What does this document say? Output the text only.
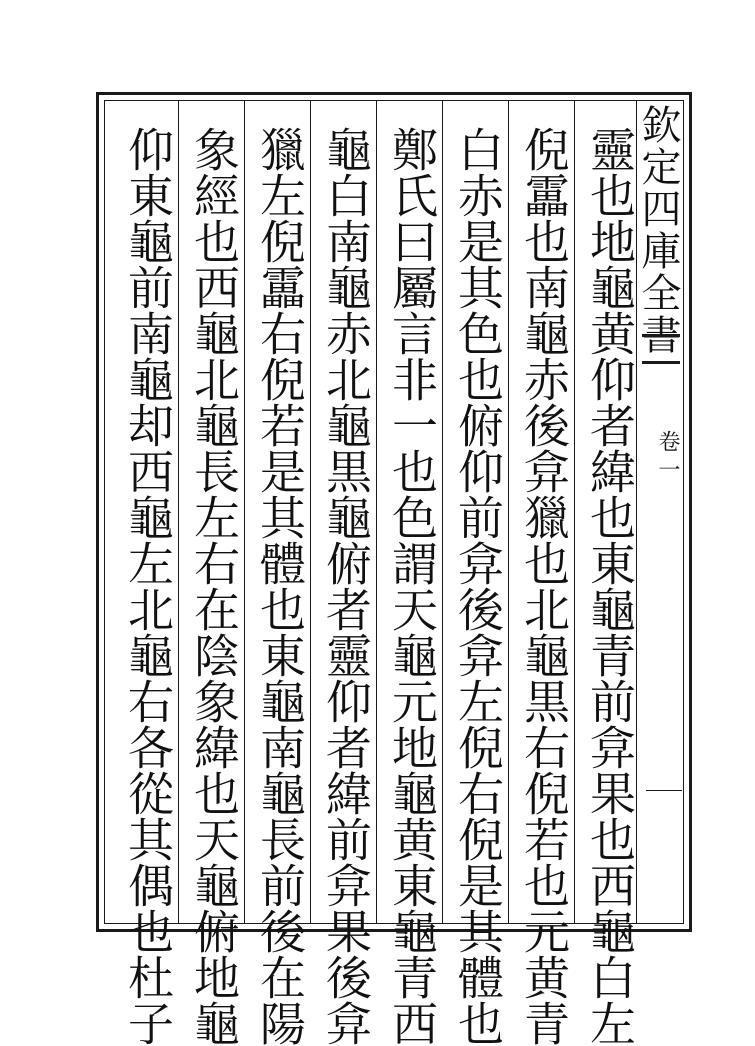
欽定四庫全書
卷一
靈也地龜黄仰者緯也東龜青前弇果也西龜白左
倪靁也南龜赤後弇獵也北龜黒右倪若也元黄青
白赤是其色也俯仰前弇後弇左倪右倪是其體也
鄭氏曰屬言非一也色謂天龜元地龜黄東龜青西
龜白南龜赤北龜黒龜俯者靈仰者緯前弇果後弇
獵左倪靁右倪若是其體也東龜南龜長前後在陽
象經也西龜北龜長左右在陰象緯也天龜俯地龜
仰東龜前南龜却西龜左北龜右各從其偶也杜子
